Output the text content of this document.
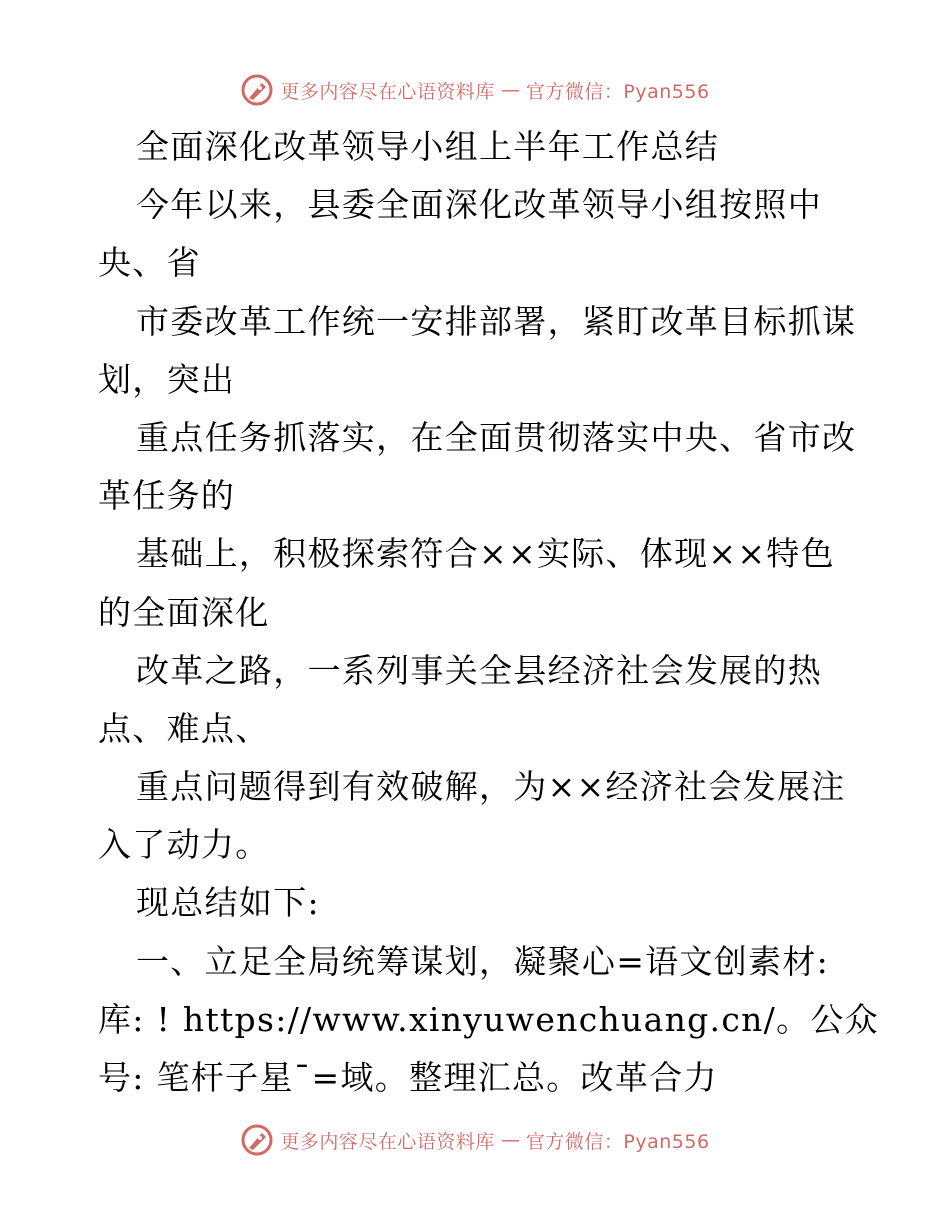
更多内容尽在心语资料库 — 官方微信：Pyan556
全面深化改革领导小组上半年工作总结
今年以来，县委全面深化改革领导小组按照中
央、省
市委改革工作统一安排部署，紧盯改革目标抓谋
划，突出
重点任务抓落实，在全面贯彻落实中央、省市改
革任务的
基础上，积极探索符合××实际、体现××特色
的全面深化
改革之路，一系列事关全县经济社会发展的热
点、难点、
重点问题得到有效破解，为××经济社会发展注
入了动力。
现总结如下:
一、立足全局统筹谋划，凝聚心=语文创素材:
库: ! https://www.xinyuwenchuang.cn/。公众
号: 笔杆子星¯=域。整理汇总。改革合力
更多内容尽在心语资料库 — 官方微信：Pyan556
